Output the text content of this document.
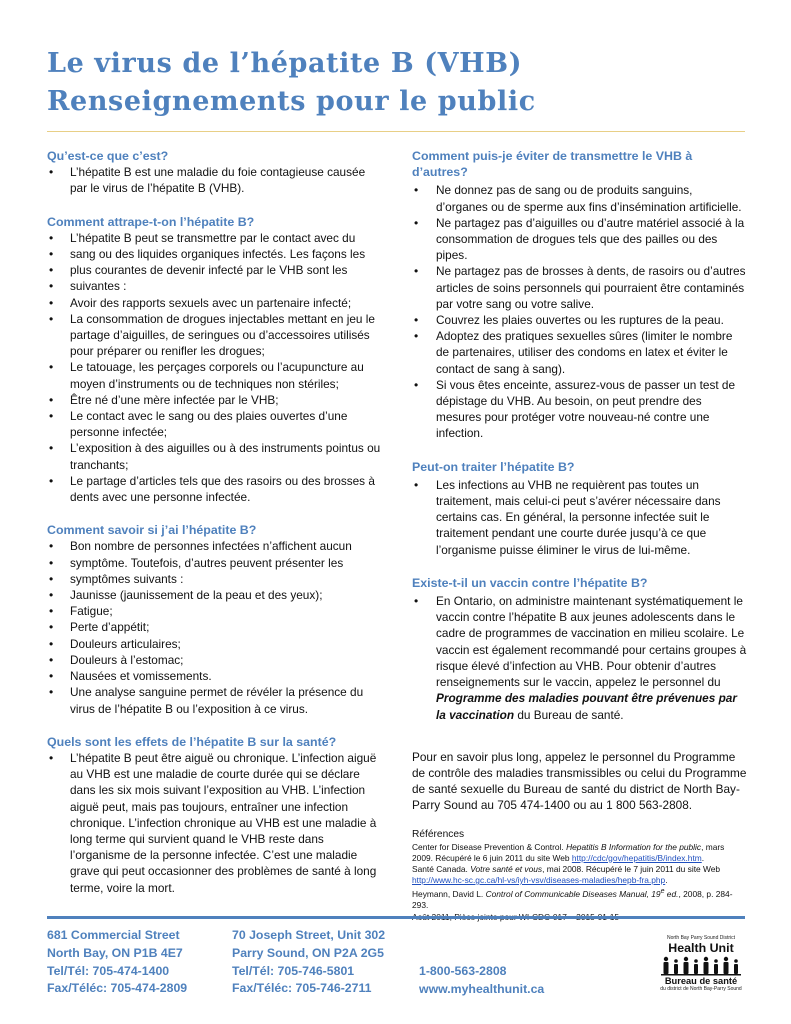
Le virus de l’hépatite B (VHB) Renseignements pour le public
Qu’est-ce que c’est?
• L’hépatite B est une maladie du foie contagieuse causée par le virus de l’hépatite B (VHB).
Comment attrape-t-on l’hépatite B?
• L’hépatite B peut se transmettre par le contact avec du
• sang ou des liquides organiques infectés. Les façons les
• plus courantes de devenir infecté par le VHB sont les
• suivantes :
• Avoir des rapports sexuels avec un partenaire infecté;
• La consommation de drogues injectables mettant en jeu le partage d’aiguilles, de seringues ou d’accessoires utilisés pour préparer ou renifler les drogues;
• Le tatouage, les perçages corporels ou l’acupuncture au moyen d’instruments ou de techniques non stériles;
• Être né d’une mère infectée par le VHB;
• Le contact avec le sang ou des plaies ouvertes d’une personne infectée;
• L’exposition à des aiguilles ou à des instruments pointus ou tranchants;
• Le partage d’articles tels que des rasoirs ou des brosses à dents avec une personne infectée.
Comment savoir si j’ai l’hépatite B?
• Bon nombre de personnes infectées n’affichent aucun
• symptôme. Toutefois, d’autres peuvent présenter les
• symptômes suivants :
• Jaunisse (jaunissement de la peau et des yeux);
• Fatigue;
• Perte d’appétit;
• Douleurs articulaires;
• Douleurs à l’estomac;
• Nausées et vomissements.
• Une analyse sanguine permet de révéler la présence du virus de l’hépatite B ou l’exposition à ce virus.
Quels sont les effets de l’hépatite B sur la santé?
• L’hépatite B peut être aiguë ou chronique. L’infection aiguë au VHB est une maladie de courte durée qui se déclare dans les six mois suivant l’exposition au VHB. L’infection aiguë peut, mais pas toujours, entraîner une infection chronique. L’infection chronique au VHB est une maladie à long terme qui survient quand le VHB reste dans l’organisme de la personne infectée. C’est une maladie grave qui peut occasionner des problèmes de santé à long terme, voire la mort.
Comment puis-je éviter de transmettre le VHB à d’autres?
• Ne donnez pas de sang ou de produits sanguins, d’organes ou de sperme aux fins d’insémination artificielle.
• Ne partagez pas d’aiguilles ou d’autre matériel associé à la consommation de drogues tels que des pailles ou des pipes.
• Ne partagez pas de brosses à dents, de rasoirs ou d’autres articles de soins personnels qui pourraient être contaminés par votre sang ou votre salive.
• Couvrez les plaies ouvertes ou les ruptures de la peau.
• Adoptez des pratiques sexuelles sûres (limiter le nombre de partenaires, utiliser des condoms en latex et éviter le contact de sang à sang).
• Si vous êtes enceinte, assurez-vous de passer un test de dépistage du VHB. Au besoin, on peut prendre des mesures pour protéger votre nouveau-né contre une infection.
Peut-on traiter l’hépatite B?
• Les infections au VHB ne requièrent pas toutes un traitement, mais celui-ci peut s’avérer nécessaire dans certains cas. En général, la personne infectée suit le traitement pendant une courte durée jusqu’à ce que l’organisme puisse éliminer le virus de lui-même.
Existe-t-il un vaccin contre l’hépatite B?
• En Ontario, on administre maintenant systématiquement le vaccin contre l’hépatite B aux jeunes adolescents dans le cadre de programmes de vaccination en milieu scolaire. Le vaccin est également recommandé pour certains groupes à risque élevé d’infection au VHB. Pour obtenir d’autres renseignements sur le vaccin, appelez le personnel du Programme des maladies pouvant être prévenues par la vaccination du Bureau de santé.

Pour en savoir plus long, appelez le personnel du Programme de contrôle des maladies transmissibles ou celui du Programme de santé sexuelle du Bureau de santé du district de North Bay-Parry Sound au 705 474-1400 ou au 1 800 563-2808.

Références
Center for Disease Prevention & Control. Hepatitis B Information for the public, mars 2009. Récupéré le 6 juin 2011 du site Web http://cdc/gov/hepatitis/B/index.htm.
Santé Canada. Votre santé et vous, mai 2008. Récupéré le 7 juin 2011 du site Web
http://www.hc-sc.gc.ca/hl-vs/iyh-vsv/diseases-maladies/hepb-fra.php.
Heymann, David L. Control of Communicable Diseases Manual, 19e ed., 2008, p. 284-293.
681 Commercial Street
North Bay, ON P1B 4E7
Tel/Tél: 705-474-1400
Fax/Téléc: 705-474-2809
70 Joseph Street, Unit 302
Parry Sound, ON P2A 2G5
Tel/Tél: 705-746-5801
Fax/Téléc: 705-746-2711
1-800-563-2808
www.myhealthunit.ca
North Bay Parry Sound District
Health Unit
Bureau de santé
du district de North Bay-Parry Sound
